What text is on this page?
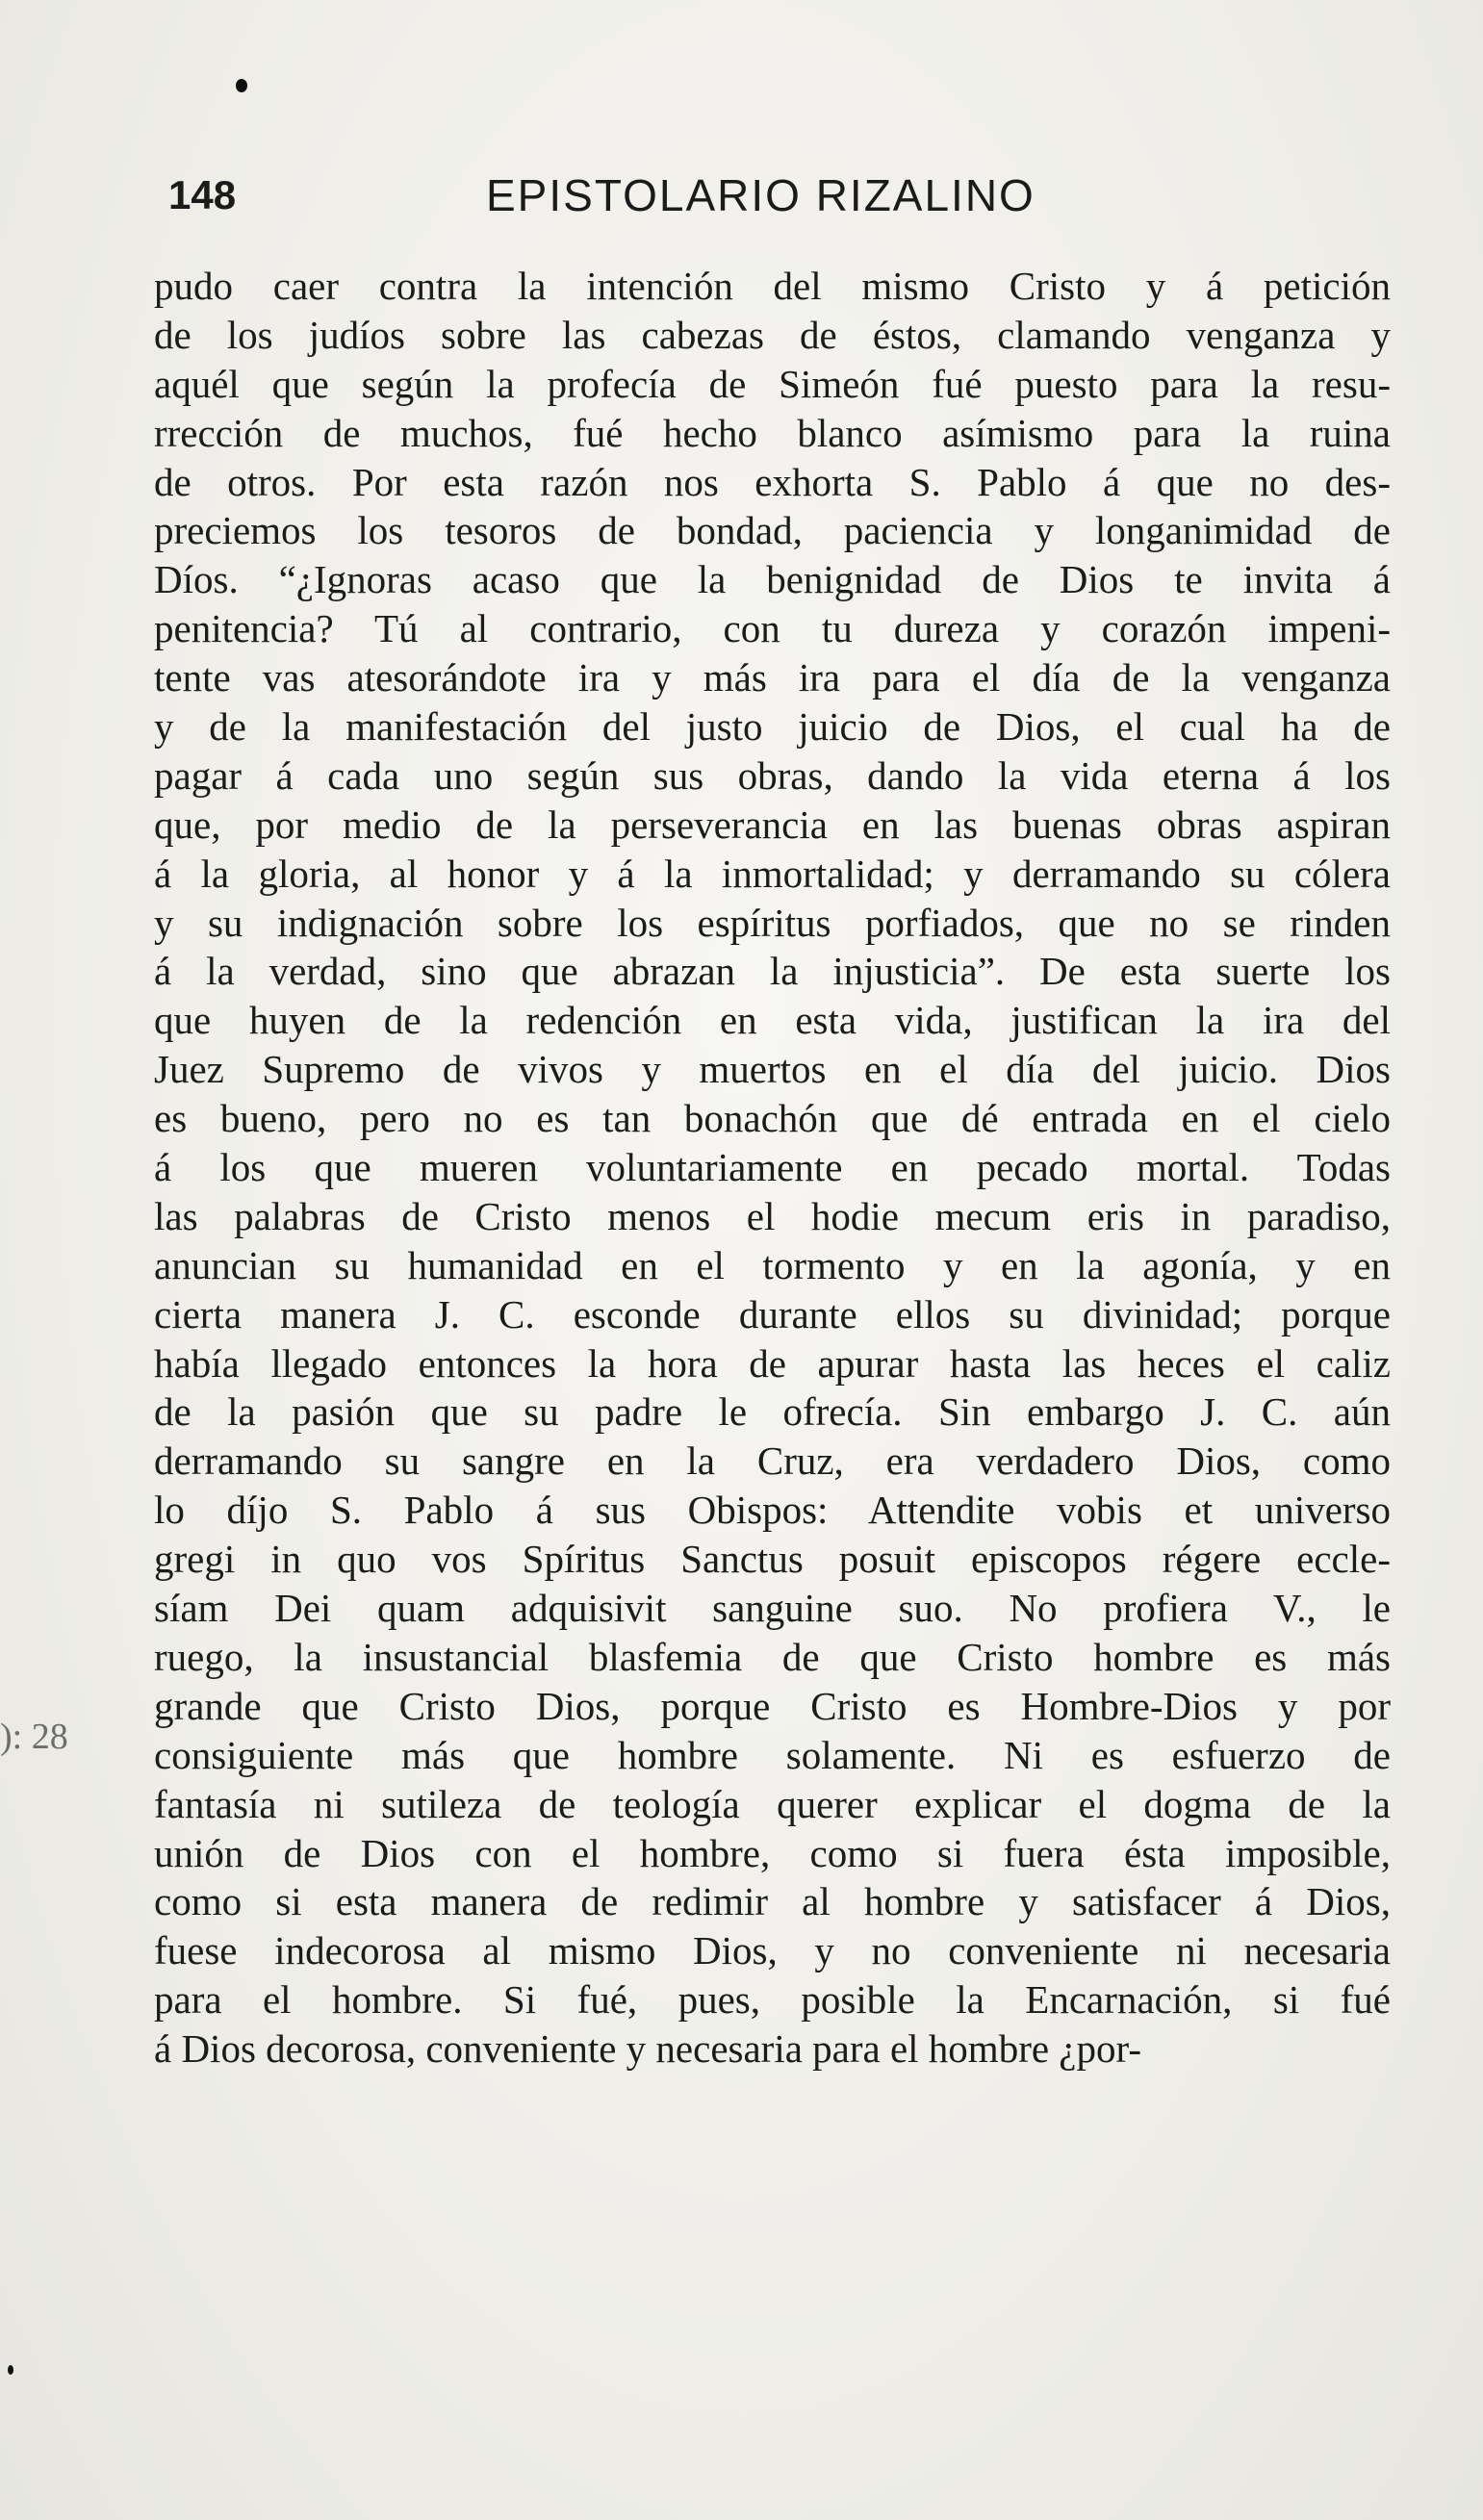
148	EPISTOLARIO RIZALINO
): 28
pudo caer contra la intención del mismo Cristo y á petición
de los judíos sobre las cabezas de éstos, clamando venganza y
aquél que según la profecía de Simeón fué puesto para la resu-
rrección de muchos, fué hecho blanco asímismo para la ruina
de otros. Por esta razón nos exhorta S. Pablo á que no des-
preciemos los tesoros de bondad, paciencia y longanimidad de
Díos. “¿Ignoras acaso que la benignidad de Dios te invita á
penitencia? Tú al contrario, con tu dureza y corazón impeni-
tente vas atesorándote ira y más ira para el día de la venganza
y de la manifestación del justo juicio de Dios, el cual ha de
pagar á cada uno según sus obras, dando la vida eterna á los
que, por medio de la perseverancia en las buenas obras aspiran
á la gloria, al honor y á la inmortalidad; y derramando su cólera
y su indignación sobre los espíritus porfiados, que no se rinden
á la verdad, sino que abrazan la injusticia”. De esta suerte los
que huyen de la redención en esta vida, justifican la ira del
Juez Supremo de vivos y muertos en el día del juicio. Dios
es bueno, pero no es tan bonachón que dé entrada en el cielo
á los que mueren voluntariamente en pecado mortal. Todas
las palabras de Cristo menos el hodie mecum eris in paradiso,
anuncian su humanidad en el tormento y en la agonía, y en
cierta manera J. C. esconde durante ellos su divinidad; porque
había llegado entonces la hora de apurar hasta las heces el caliz
de la pasión que su padre le ofrecía. Sin embargo J. C. aún
derramando su sangre en la Cruz, era verdadero Dios, como
lo díjo S. Pablo á sus Obispos: Attendite vobis et universo
gregi in quo vos Spíritus Sanctus posuit episcopos régere eccle-
síam Dei quam adquisivit sanguine suo. No profiera V., le
ruego, la insustancial blasfemia de que Cristo hombre es más
grande que Cristo Dios, porque Cristo es Hombre-Dios y por
consiguiente más que hombre solamente. Ni es esfuerzo de
fantasía ni sutileza de teología querer explicar el dogma de la
unión de Dios con el hombre, como si fuera ésta imposible,
como si esta manera de redimir al hombre y satisfacer á Dios,
fuese indecorosa al mismo Dios, y no conveniente ni necesaria
para el hombre. Si fué, pues, posible la Encarnación, si fué
á Dios decorosa, conveniente y necesaria para el hombre ¿por-
